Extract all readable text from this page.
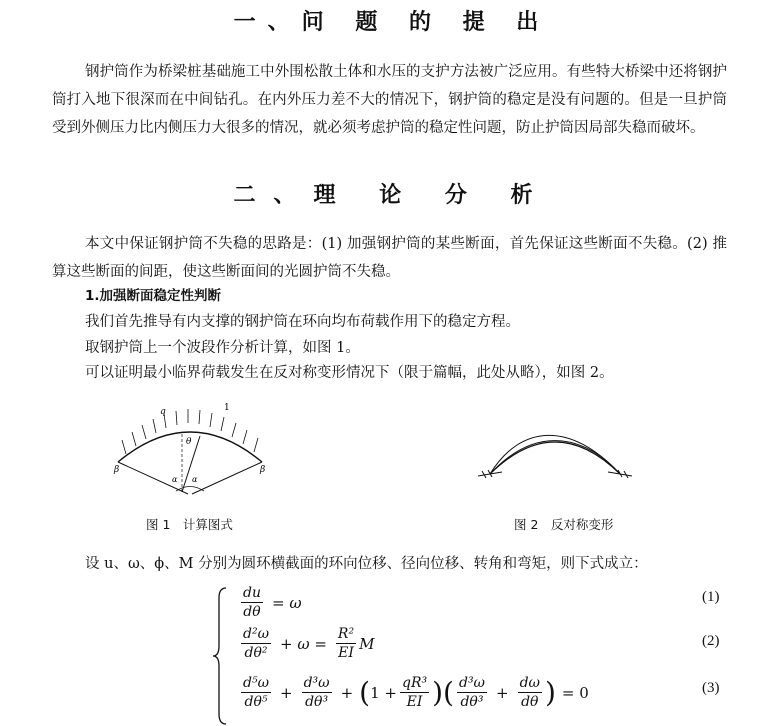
一、问 题 的 提 出

钢护筒作为桥梁桩基础施工中外围松散土体和水压的支护方法被广泛应用。有些特大桥梁中还将钢护筒打入地下很深而在中间钻孔。在内外压力差不大的情况下，钢护筒的稳定是没有问题的。但是一旦护筒受到外侧压力比内侧压力大很多的情况，就必须考虑护筒的稳定性问题，防止护筒因局部失稳而破坏。

二、理 论 分 析

本文中保证钢护筒不失稳的思路是：(1) 加强钢护筒的某些断面，首先保证这些断面不失稳。(2) 推算这些断面的间距，使这些断面间的光圆护筒不失稳。

1.加强断面稳定性判断
我们首先推导有内支撑的钢护筒在环向均布荷载作用下的稳定方程。
取钢护筒上一个波段作分析计算，如图 1。
可以证明最小临界荷载发生在反对称变形情况下（限于篇幅，此处从略），如图 2。
q	1
θ
β	β
α α
图 1　计算图式	图 2　反对称变形
设 u、ω、ϕ、M 分别为圆环横截面的环向位移、径向位移、转角和弯矩，则下式成立：
$\frac{du}{d\theta} = \omega$	(1)
$\frac{\text{d²ω}}{\text{dθ²}} + \omega = \frac{\text{R²}}{EI}$ M	(2)
$\frac{\text{d⁵ω}}{\text{dθ⁵}} + \frac{\text{d³ω}}{\text{dθ³}}$ + ( $1 + \frac{\text{qR³}}{EI}$ ) ( $\frac{\text{d³ω}}{\text{dθ³}} + \frac{d\omega}{d\theta}$ ) = 0	(3)
